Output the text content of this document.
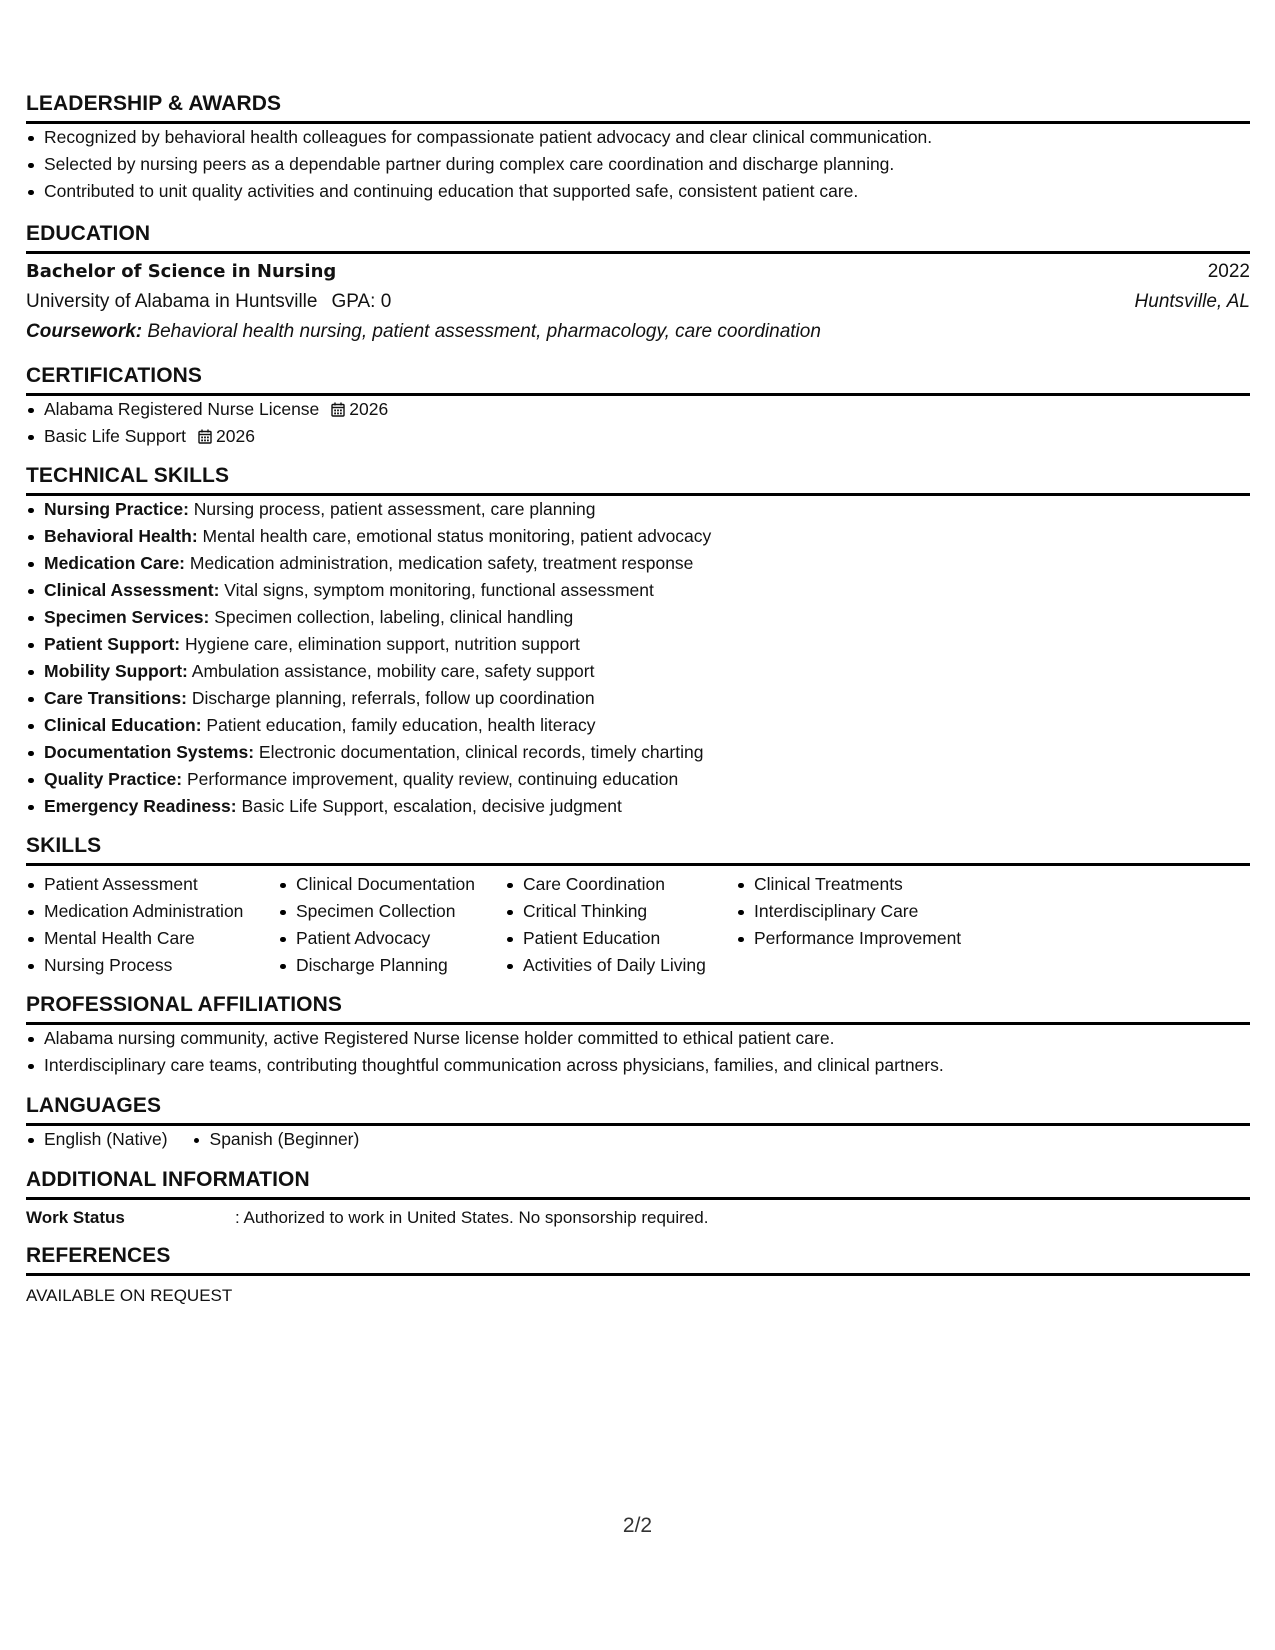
LEADERSHIP & AWARDS
Recognized by behavioral health colleagues for compassionate patient advocacy and clear clinical communication.
Selected by nursing peers as a dependable partner during complex care coordination and discharge planning.
Contributed to unit quality activities and continuing education that supported safe, consistent patient care.
EDUCATION
Bachelor of Science in Nursing	2022
University of Alabama in Huntsville GPA: 0	Huntsville, AL
Coursework: Behavioral health nursing, patient assessment, pharmacology, care coordination
CERTIFICATIONS
Alabama Registered Nurse License 2026
Basic Life Support 2026
TECHNICAL SKILLS
Nursing Practice: Nursing process, patient assessment, care planning
Behavioral Health: Mental health care, emotional status monitoring, patient advocacy
Medication Care: Medication administration, medication safety, treatment response
Clinical Assessment: Vital signs, symptom monitoring, functional assessment
Specimen Services: Specimen collection, labeling, clinical handling
Patient Support: Hygiene care, elimination support, nutrition support
Mobility Support: Ambulation assistance, mobility care, safety support
Care Transitions: Discharge planning, referrals, follow up coordination
Clinical Education: Patient education, family education, health literacy
Documentation Systems: Electronic documentation, clinical records, timely charting
Quality Practice: Performance improvement, quality review, continuing education
Emergency Readiness: Basic Life Support, escalation, decisive judgment
SKILLS
Patient Assessment
Medication Administration
Mental Health Care
Nursing Process
Clinical Documentation
Specimen Collection
Patient Advocacy
Discharge Planning
Care Coordination
Critical Thinking
Patient Education
Activities of Daily Living
Clinical Treatments
Interdisciplinary Care
Performance Improvement
PROFESSIONAL AFFILIATIONS
Alabama nursing community, active Registered Nurse license holder committed to ethical patient care.
Interdisciplinary care teams, contributing thoughtful communication across physicians, families, and clinical partners.
LANGUAGES
English (Native)	Spanish (Beginner)
ADDITIONAL INFORMATION
Work Status	: Authorized to work in United States. No sponsorship required.
REFERENCES
AVAILABLE ON REQUEST
2/2
